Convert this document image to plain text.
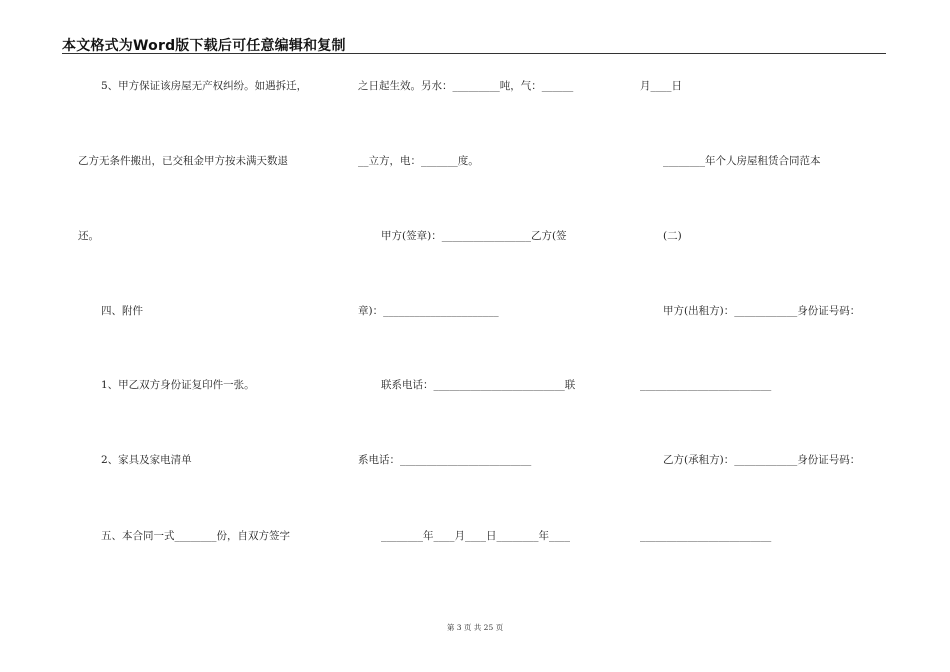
本文格式为Word版下载后可任意编辑和复制
5、甲方保证该房屋无产权纠纷。如遇拆迁，
乙方无条件搬出，已交租金甲方按未满天数退
还。
四、附件
1、甲乙双方身份证复印件一张。
2、家具及家电清单
五、本合同一式________份，自双方签字
之日起生效。另水：_________吨，气：______
__立方，电：_______度。
甲方(签章)：_________________乙方(签
章)：______________________
联系电话：_________________________联
系电话：_________________________
________年____月____日________年____
月____日
________年个人房屋租赁合同范本
(二)
甲方(出租方)：____________身份证号码：
_________________________
乙方(承租方)：____________身份证号码：
_________________________
第 3 页 共 25 页
